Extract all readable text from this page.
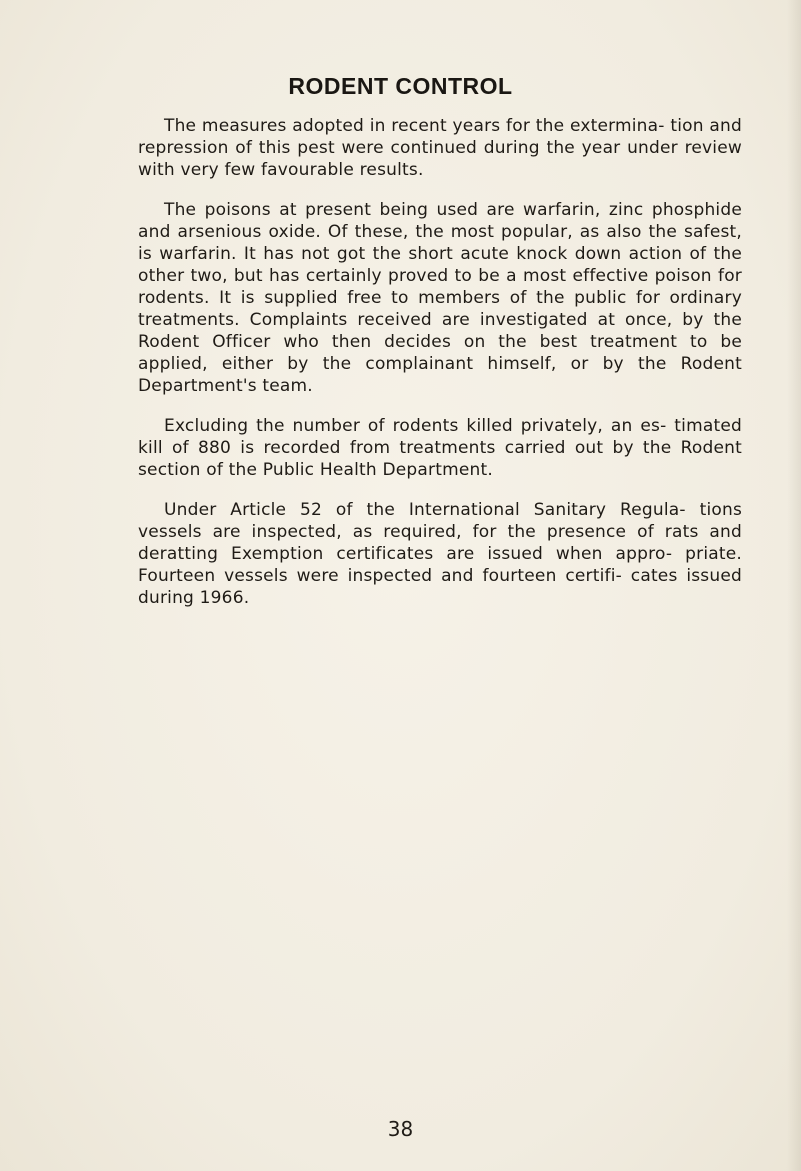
RODENT CONTROL

The measures adopted in recent years for the extermina- tion and repression of this pest were continued during the year under review with very few favourable results.

The poisons at present being used are warfarin, zinc phosphide and arsenious oxide. Of these, the most popular, as also the safest, is warfarin. It has not got the short acute knock down action of the other two, but has certainly proved to be a most effective poison for rodents. It is supplied free to members of the public for ordinary treatments. Complaints received are investigated at once, by the Rodent Officer who then decides on the best treatment to be applied, either by the complainant himself, or by the Rodent Department's team.

Excluding the number of rodents killed privately, an es- timated kill of 880 is recorded from treatments carried out by the Rodent section of the Public Health Department.

Under Article 52 of the International Sanitary Regula- tions vessels are inspected, as required, for the presence of rats and deratting Exemption certificates are issued when appro- priate. Fourteen vessels were inspected and fourteen certifi- cates issued during 1966.

38
